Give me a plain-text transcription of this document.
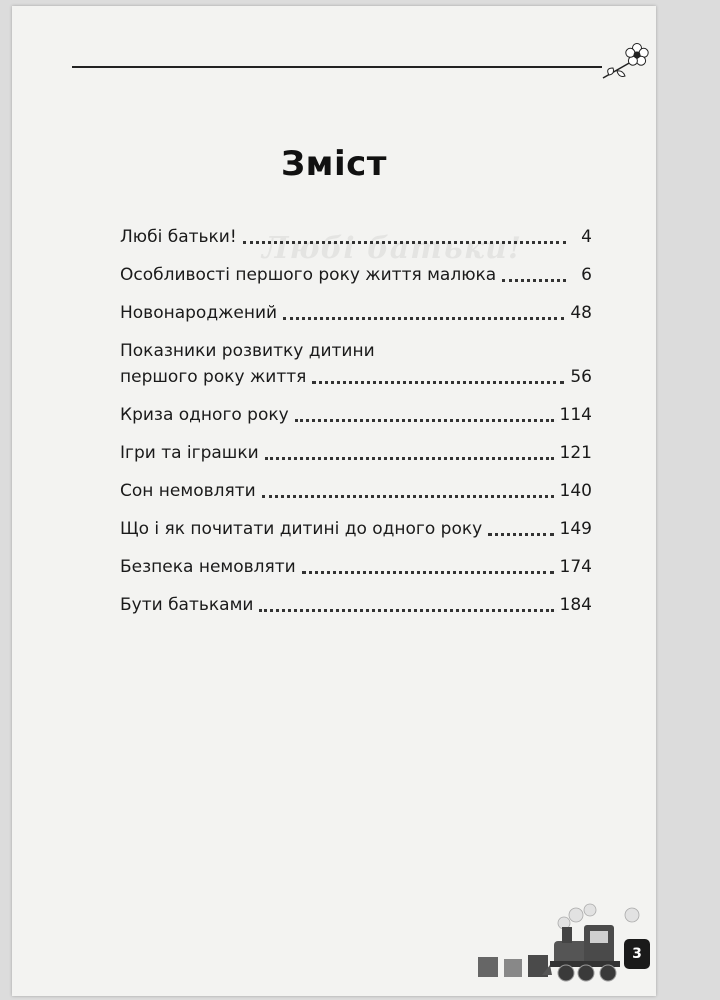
Любі батьки!
Зміст
Любі батьки!	4
Особливості першого року життя малюка	6
Новонароджений	48
Показники розвитку дитини
першого року життя	56
Криза одного року	114
Ігри та іграшки	121
Сон немовляти	140
Що і як почитати дитині до одного року	149
Безпека немовляти	174
Бути батьками	184
3
